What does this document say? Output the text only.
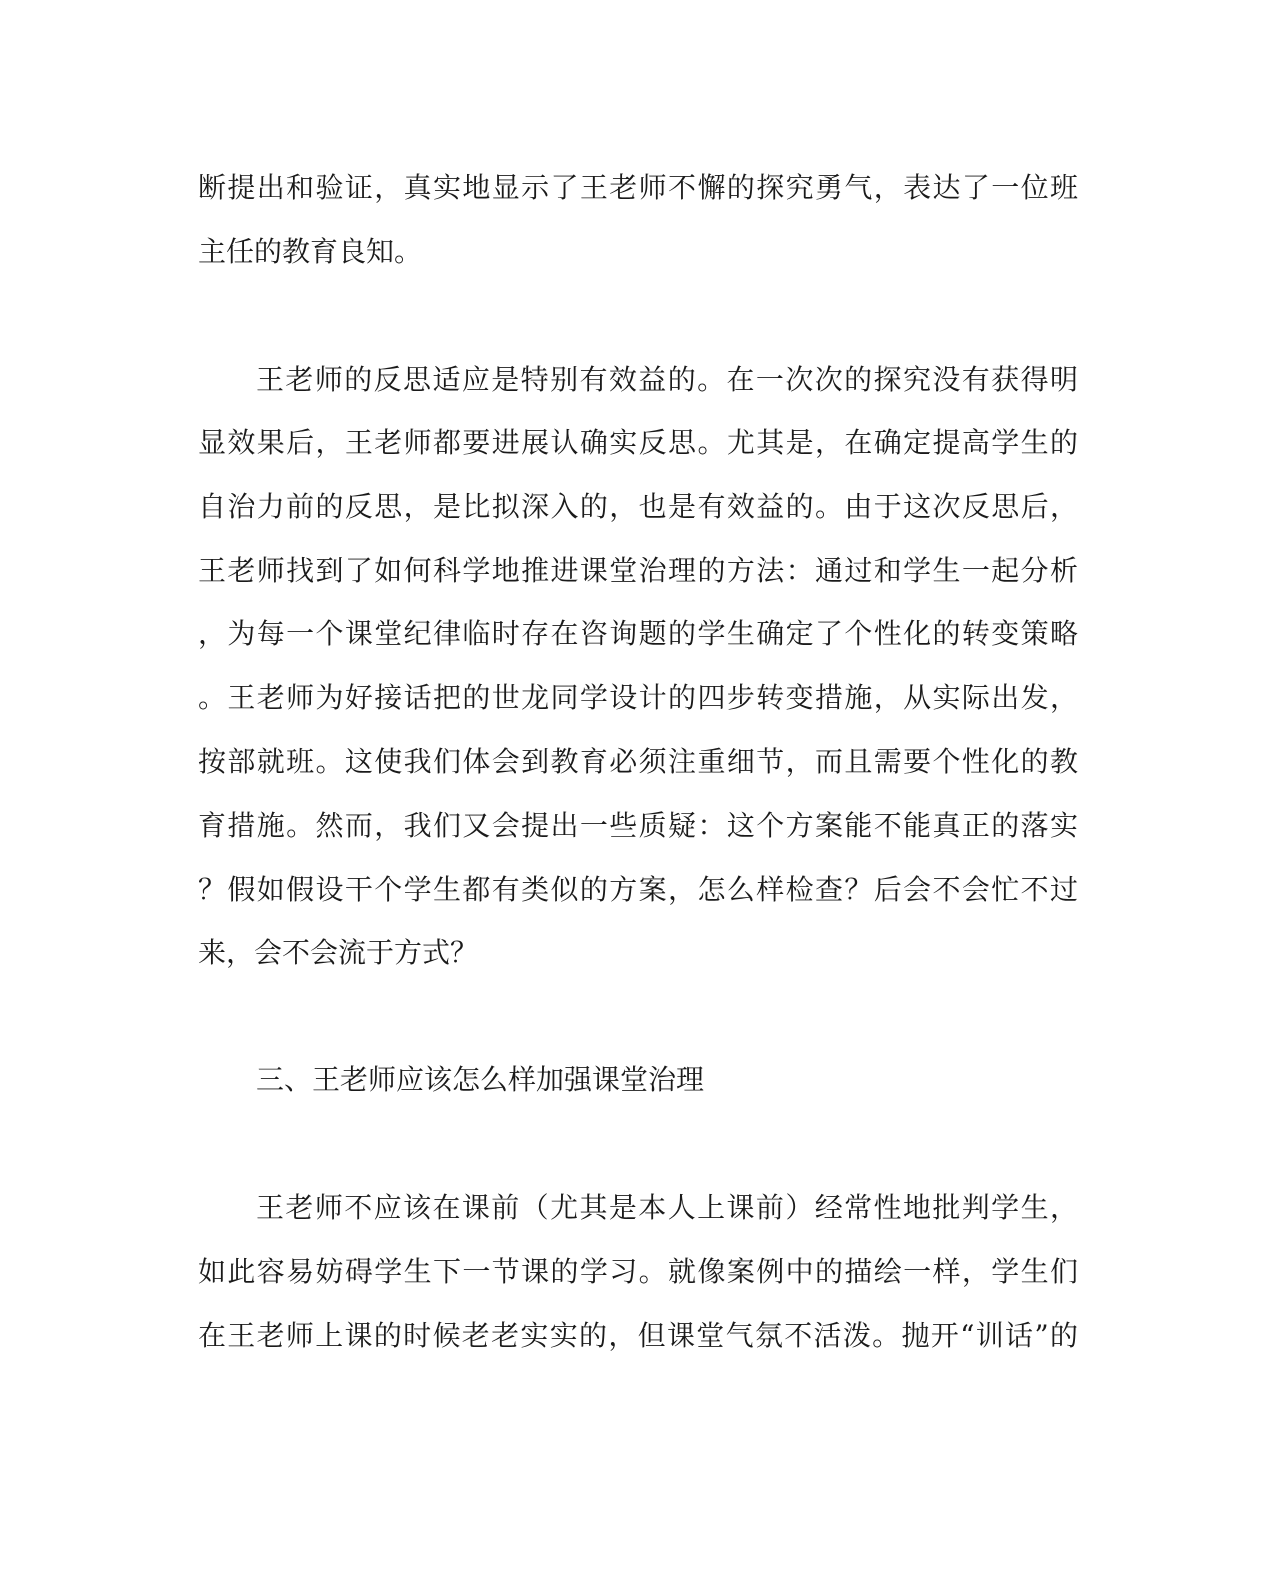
断提出和验证，真实地显示了王老师不懈的探究勇气，表达了一位班
主任的教育良知。
王老师的反思适应是特别有效益的。在一次次的探究没有获得明
显效果后，王老师都要进展认确实反思。尤其是，在确定提高学生的
自治力前的反思，是比拟深入的，也是有效益的。由于这次反思后，
王老师找到了如何科学地推进课堂治理的方法：通过和学生一起分析
，为每一个课堂纪律临时存在咨询题的学生确定了个性化的转变策略
。王老师为好接话把的世龙同学设计的四步转变措施，从实际出发，
按部就班。这使我们体会到教育必须注重细节，而且需要个性化的教
育措施。然而，我们又会提出一些质疑：这个方案能不能真正的落实
？假如假设干个学生都有类似的方案，怎么样检查？后会不会忙不过
来，会不会流于方式？
三、王老师应该怎么样加强课堂治理
王老师不应该在课前（尤其是本人上课前）经常性地批判学生，
如此容易妨碍学生下一节课的学习。就像案例中的描绘一样，学生们
在王老师上课的时候老老实实的，但课堂气氛不活泼。抛开“训话”的
